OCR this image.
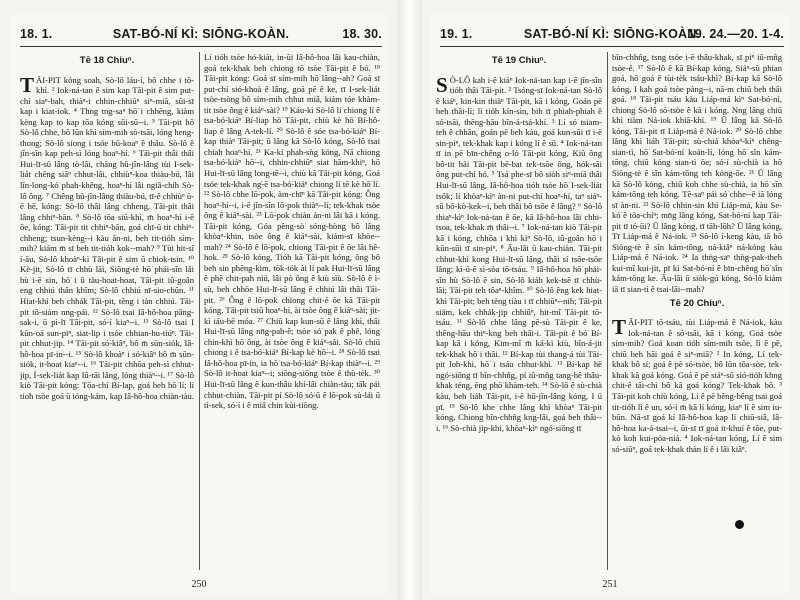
18. 1.	SAT-BÓ-NÍ KÌ: SIŌNG-KOÀN.	18. 30.
Tē 18 Chiuⁿ.

TĀI-PIT kóng soah, Sò-lô láu-í, bô chhe i tō-khì. ² Iok-ná-tan ê sim kap Tāi-pit ê sim put-chí siaⁿ-bah, thiàⁿ-i chhin-chhiūⁿ siⁿ-miā, sūi-sī kap i kiat-iok. ⁴ Thng tng-saⁿ hō͘ i chhēng, kiàm kèng kap to kap tōa kóng sūi-sū--i. ⁵ Tāi-pit hō͘ Sò-lô chhe, bô lūn khì sím-mih sò͘-tsāi, lóng heng-thong; Sò-lô siong i tsóe bū-koaⁿ ê thâu. Sò-lô ê jîn-sîn kap peh-sì lóng hoaⁿ-hí. ⁶ Tāi-pit thâi thâi Hui-lī-sū lâng tò-lâi, chāng hū-jîn-lâng tùi I-sek-liát chēng siāⁿ chhut-lâi, chhiùⁿ-koa thiàu-bú, lâi lîn-long-kó͘ phah-khêng, hoaⁿ-hí lâi ngiâ-chih Sò-lô ông. ⁷ Chêng hū-jîn-lâng thiàu-bú, tī-ê chhiùⁿ ū-ē hē, kóng: Sò-lô thâi lâng chheng, Tāi-pit thâi lâng chhiⁿ-bān. ⁸ Sò-lô tōa siū-khì, m̄ hoaⁿ-hí i-ē ōe, kóng: Tāi-pit tit chhiⁿ-bān, goá chī-ū tit chhiⁿ-chheng; tsun-kèng--i kàu ān-ni, beh tit-tióh sím-mih? kiám m̄ sī beh tit-tióh kok--mah? ⁹ Tùi hit-sî í-āu, Sò-lô khoàⁿ-kì Tāi-pit ê sim ū chiok-tsin. ¹⁰ Kè-jit, Sò-lô tī chhù lāi, Siōng-tè hō͘ phái-sîn lâi hù i-ē sin, hō͘ i ū tàu-hoat-hoat, Tāi-pit iû-goân eng chhiú thân khîm; Sò-lô chhiú nī-sio-chûn. ¹¹ Hiat-khì beh chhák Tāi-pit, tēng i tàn chhiú. Tāi-pit tō-siám nng-pái. ¹² Sò-lô tsai Iâ-hô-hoa pāng-sak-i, ū pì-lī Tāi-pit, só͘-í kiaⁿ--i. ¹³ Sò-lô tsai I kūn-oá sun-piⁿ, siat-lip i tsòe chhian-hu-tiúⁿ. Tāi-pit chhut-jip. ¹⁴ Tāi-pit só͘-kiâⁿ, bô m̄ sūn-siók, Iâ-hô-hoa pī-in--i. ¹⁵ Sò-lô khoàⁿ i só͘-kiâⁿ bô m̄ sūn-siók, it-hoat kiaⁿ--i. ¹⁶ Tāi-pit chhōa peh-sì chhut-jip, Í-sek-liát kap Iû-tāi lâng, lóng thiàⁿ--i. ¹⁷ Sò-lô kiò Tāi-pit kóng: Tōa-chí Bí-lap, goá beh hō͘ lí; lí tio̍h tsòe goá ū ióng-kám, kap Iâ-hô-hoa chiàn-tàu.

Lí tióh tsòe hó-kiát, in-ūi Iâ-hô-hoa lâi kau-chiàn, goá tek-khak beh chiong tō tsòe Tāi-pit ê bó͘. ¹⁸ Tāi-pit kóng: Goá sī sím-mih hō lâng--ah? Goá sī put-chí sió-khoà ê lâng, goá pē ê ke, tī I-sek-liát tsòe-tsòng bô sím-mih chhut miâ, kiám tóe khàm-tit tsòe ông ê kiáⁿ-sài? ¹⁹ Káu-kì Sò-lô lí chiong lí ê tsa-bó͘-kiáⁿ Bí-liap hō͘ Tāi-pit, chiù kè hō͘ Bí-hô-liap ê lâng A-tek-lí. ²⁰ Sò-lô ê sóe tsa-bó͘-kiáⁿ Bí-kap thiàⁿ Tāi-pit; ū lâng kā Sò-lô kóng, Sò-lô tsai chiah hoaⁿ-hí. ²¹ Ka-kí phah-sǹg kóng, Nā chiong tsa-bó͘-kiáⁿ hō͘--i, chhin-chhiūⁿ siat hām-khiⁿ, hō͘ Hui-lī-sū lâng long-tē--i, chiù kā Tāi-pit kóng, Goá tsóe tek-khak ng̍-ē tsa-bó͘-kiáⁿ chiong lí tē kè hō͘ lí. ²² Sò-lô chhe lō͘-pok, àm-chīⁿ kā Tāi-pit kóng: Ông hoaⁿ-hí--i, i-ē jîn-sîn lō͘-pok thiàⁿ--lí; tek-khak tsòe ông ê kiáⁿ-sài. ²³ Lō͘-pok chiàu án-ni lâi kā i kóng. Tāi-pit kóng, Góa pêng-sò͘ sóng-hòng bô lâng khòaⁿ-khin, tsòe ông ê kiáⁿ-sài, kiám-sī khòe--mah? ²⁴ Sò-lô ê lō͘-pok, chiong Tāi-pit ê ōe lâi hê-hok. ²⁵ Sò-lô kóng, Tióh kā Tāi-pit kóng, ông bô beh sin phēng-kim, tōk-tók ài lí pak Hui-lī-sū lâng ê phê chit-pah niú, lâi pò ông ê kiù sìù. Sò-lô ê ì-sù, beh chhōe Hui-lī-sū lâng ê chhiú lâi thâi Tāi-pit. ²⁶ Ông ê lō͘-pok chiong chit-ē ōe kā Tāi-pit kóng, Tāi-pit tsiū hoaⁿ-hí, ài tsòe ông ê kiáⁿ-sài; jit-kì iáu-bē móa. ²⁷ Chiū kap kun-sū ê lâng khì, thâi Hui-lī-sū lâng nn̄g-pah-ê; tsòe só͘ pak ê phê, lóng chin-khì hō͘ ông, ài tsòe ông ê kiáⁿ-sài. Sò-lô chiū chiong i ê tsa-bó͘-kiáⁿ Bí-kap kè hō͘--i. ²⁸ Sò-lô tsai Iâ-hô-hoa pī-in, ia hō͘ tsa-bó͘-kiáⁿ Bí-kap thiàⁿ--i. ²⁹ Sò-lô it-hoat kiaⁿ--i; siōng-siōng tsòe ê thù-tèk. ³⁰ Hui-lī-sū lâng ê kun-thâu khí-lâi chiàn-tàu; tāk pái chhut-chiàn, Tāi-pit pí Sò-lô só͘-ū ê lō͘-pok sù-lái ū tì-sek, só͘-í i ê miâ chin kùi-tiōng.

250
19. 1.	SAT-BÓ-NÍ KÌ: SIŌNG-KOÀN.
19. 24.—20. 1-4.
Tē 19 Chiuⁿ.

S Ò-LÔ kah i-ê kiáⁿ Iok-ná-tan kap i-ē jîn-sîn tióh thâi Tāi-pit. ² Tsóng-sī Iok-ná-tan Sò-lô ê kiáⁿ, kin-kin thiàⁿ Tāi-pit, kā i kóng, Goán pē beh thâi-lí; lí tióh kín-sìn, bih tī phiah-phiah ê só͘-tsāi, thēng-hāu bîn-á-tsá-khí. ³ Lí só͘ tsiam-teh ê chhân, goán pē beh kàu, goá kun-sūi tī i-ē sin-piⁿ, tek-khak kap i kóng lí ê sū. ⁴ Iok-ná-tan tī in pē bīn-chêng o-ló Tāi-pit kóng, Kiû ông bô-tit hāi Tāi-pit bē-bat tek-tsōe ông, hók-sāi ông put-chí hó. ⁵ Tsá phe-sī bô siòh siⁿ-miā thâi Hui-lī-sū lâng, Iâ-hô-hoa tióh tsòe hō͘ I-sek-liát tsôk; lí khòaⁿ-kìⁿ àn-ni put-chí hoaⁿ-hí, taⁿ siáⁿ-sū bô-kò͘-kek--i, beh thâi bô tsōe ê lâng? ⁶ Sò-lô thiaⁿ-kìⁿ Iok-ná-tan ê ōe, kā Iâ-hô-hoa lâi chhi-tsoa, tek-khak m̄ thâi--i. ⁷ Iok-ná-tan kiò Tāi-pit kā i kóng, chhōa i khì kìⁿ Sò-lô, iû-goân hō͘ i kūn-sūi tī sin-piⁿ. ⁸ Āu-lâi ū kau-chiàn. Tāi-pit chhut-khì kong Hui-lī-sū lâng, thâi sí tsōe-tsōe lâng; kì-ū-ē sì-sòa tō-tsáu. ⁹ Iâ-hô-hoa hō͘ phái-sîn hù Sò-lô ê sin, Sò-lô kiáh kek-tsē tī chhù-lāi; Tāi-pit teh tôaⁿ-khîm. ¹⁰ Sò-lô êng kek hiat-khì Tāi-pit; beh tèng tiàu i tī chhiūⁿ--nih; Tāi-pit siám, kek chhák-jip chhiūⁿ, hit-mî Tāi-pit tō-tsáu. ¹¹ Sò-lô chhe lâng pē-sù Tāi-pit ê ke, thêng-hāu thiⁿ-kng beh thâi-i. Tāi-pit ê bó͘ Bí-kap kā i kóng, Kim-mî m̄ kā-kì kiù, bîn-á-jit tek-khak hō͘ i thâi. ¹² Bí-kap tùi thang-á tùi Tāi-pit loh-khì, hō͘ i tsáu chhut-khì. ¹³ Bí-kap hē ngó͘-siōng tī bîn-chhn̂g, pí iû-mn̂g tang-hê thâu-khak téng, ēng phō͘ khàm-teh. ¹⁴ Sò-lô ê sù-chià kàu, beh liáh Tāi-pit, i-ē hū-jîn-lâng kóng, I ū pī. ¹⁵ Sò-lô khe chhe lâng khì khòaⁿ Tāi-pit kóng, Chiong bîn-chhn̂g kng-lâi, goá beh thâi--i. ¹⁶ Sò-chià jip-khì, khòaⁿ-kìⁿ ngó͘-siōng tī

bîn-chhn̂g, tsng tsóe i-ē thâu-khak, sī piⁿ iû-mn̂g tsòe-ê. ¹⁷ Sò-lô ē kā Bí-kap kóng, Siáⁿ-sū phian goá, hō͘ goá ê tùi-tèk tsáu-khì? Bí-kap kā Sò-lô kóng, I kah goá tsòe pàng--i, nā-m chiū beh thâi goá. ¹⁸ Tāi-pit tsáu kàu Liáp-má kìⁿ Sat-bó͘-ní, chiong Sò-lô só͘-tsòe ê kā i kóng. Nng lâng chiū khì tiàm Ná-iok khiā-khí. ¹⁹ Ū lâng kā Sò-lô kóng, Tāi-pit tī Liáp-má ê Ná-iok. ²⁰ Sò-lô chhe lâng khì liáh Tāi-pit; sù-chiá khòaⁿ-kìⁿ chêng-sian-tì, hō͘ Sat-bó͘-ní koán-lí, lóng hō͘ sîn kám-tōng, chiū kóng sian-tì ōe; só͘-í sù-chià ia hō͘ Siōng-tè ê sîn kám-tōng teh kóng-ōe. ²¹ Ū lâng kā Sò-lô kóng, chiū koh chhe sù-chià, ia hō͘ sîn kám-tōng teh kóng. Tē-saⁿ pái só͘ chhe--ê iā lóng sī àn-ni. ²² Sò-lô chhin-sin khì Liáp-má, kàu Se-kó͘ ê tōa-chíⁿ; mn̄g lâng kóng, Sat-bó͘-ní kap Tāi-pit tī tó-ūi? Ū lâng kóng, tī tāh-lōh? Ū lâng kóng, Tī Liáp-má ê Ná-iok. ²³ Sò-lô í-keng kàu, iā hō͘ Siōng-tè ê sîn kám-tōng, ná-kiâⁿ ná-kóng kàu Liáp-má ê Ná-iok. ²⁴ Ia thǹg-saⁿ thǹg-pak-theh kui-mî kui-jit, pī kì Sat-bó͘-ní ê bīn-chêng hō͘ sîn kám-tōng ke. Āu-lâi ū siòk-gú kóng, Sò-lô kiám iā tī sian-tì ê tsai-lāi--mah?

Tē 20 Chiuⁿ.

TĀI-PIT tō-tsáu, tùi Liáp-má ê Ná-iok, kàu Iok-ná-tan ê só͘-tsāi, kā i kóng, Goá tsòe sím-mih? Goá koan tióh sím-mih tsōe, lí ê pē, chiū beh hāi goá ê siⁿ-miā? ² In kóng, Lí tek-khak bô sí; goá ê pē só͘-tsòe, bô lūn tōa-sòe, tek-khak kā goá kóng. Goá ê pē siáⁿ-sū sió-tióh khng chit-ê tāi-chì bô kā goá kóng? Tek-khak bô. ³ Tāi-pit koh chiù kóng, Lí ê pē bêng-bêng tsai goá tit-tióh lí ê un, só͘-í m̄ kā lí kóng, kiaⁿ lí ê sim iu-būn. Nā-sī goá kí Iâ-hô-hoa kap lí chiū-siâ, Iâ-hô-hoa ka-á-tsai--i, ūi-sī tī goá it-khuí ê tōe, put-kò koh kui-póa-niá. ⁴ Iok-ná-tan kóng, Lí ê sim só͘-siūⁿ, goá tek-khak thàn lí ê i lâi kiâⁿ.

251
